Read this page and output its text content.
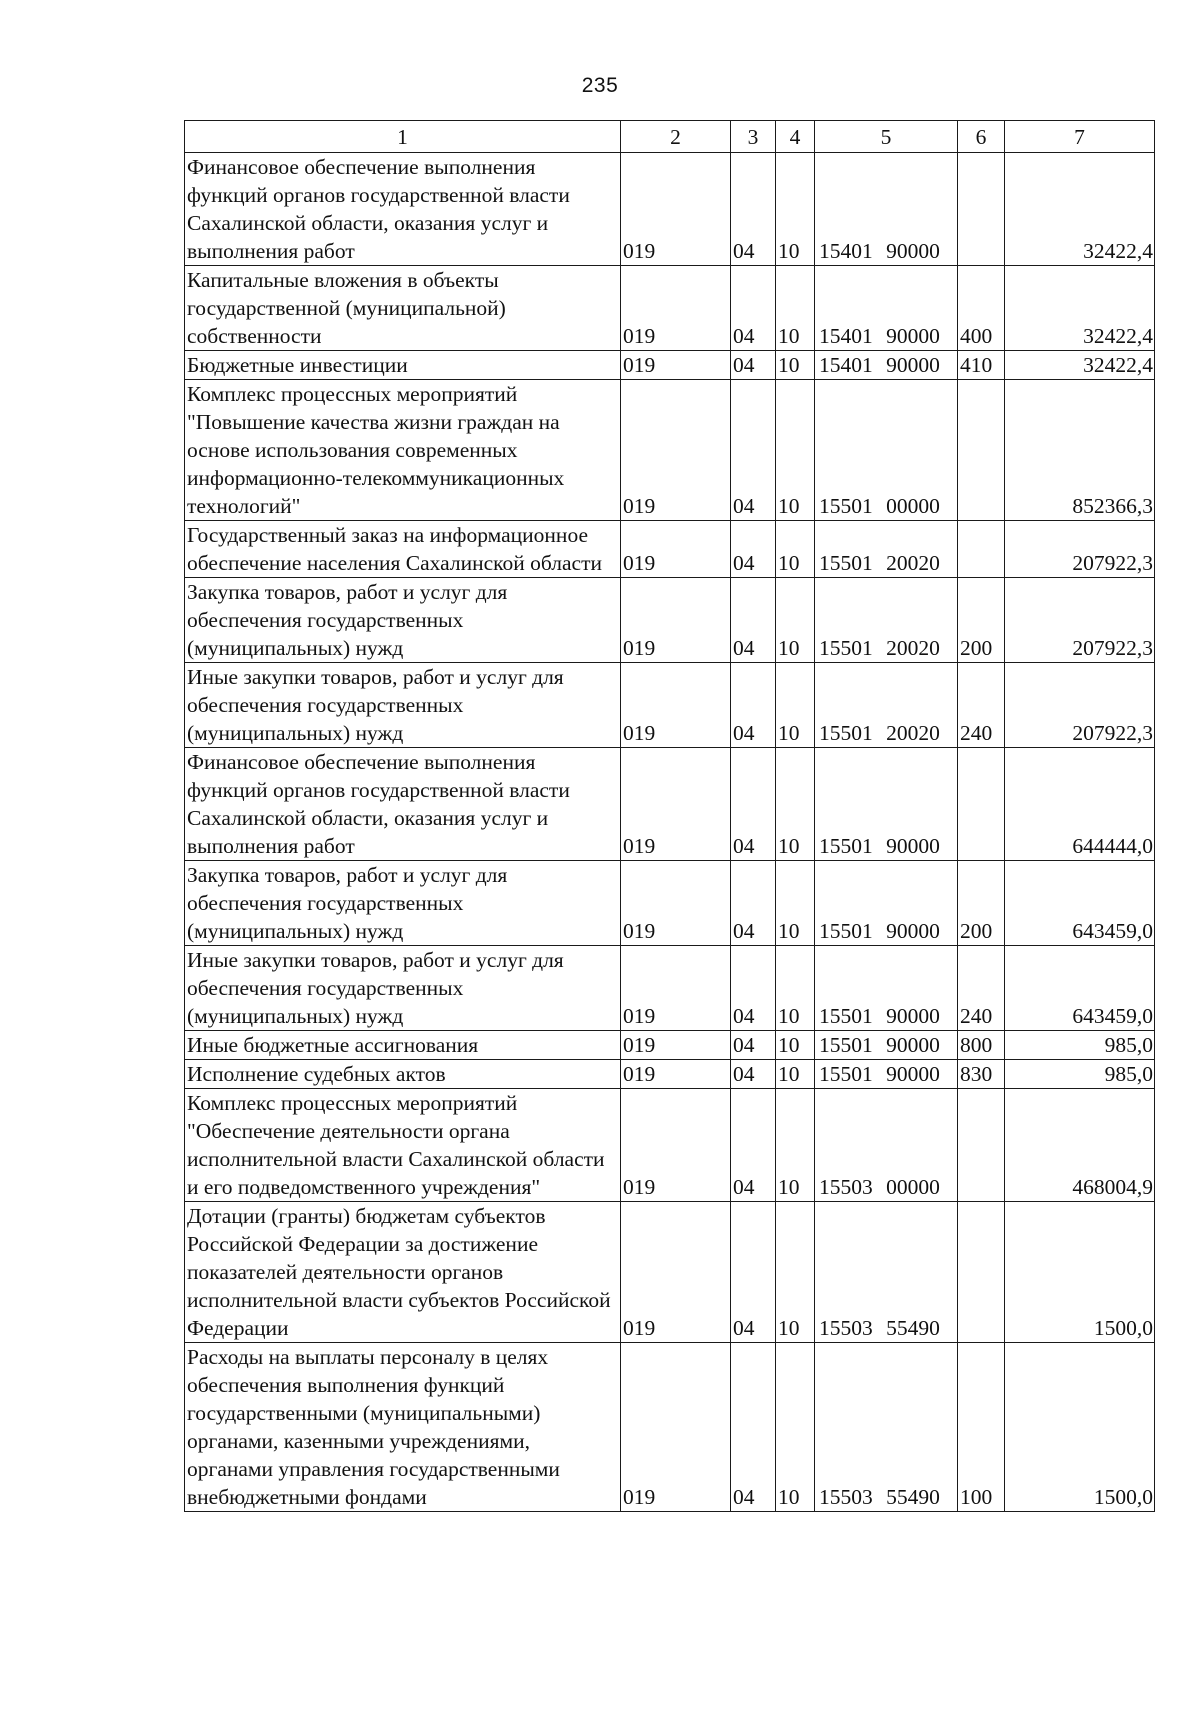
235
1	2	3	4	5	6	7
Финансовое обеспечение выполнения функций органов государственной власти Сахалинской области, оказания услуг и выполнения работ	019	04	10	15401 90000		32422,4
Капитальные вложения в объекты государственной (муниципальной) собственности	019	04	10	15401 90000	400	32422,4
Бюджетные инвестиции	019	04	10	15401 90000	410	32422,4
Комплекс процессных мероприятий "Повышение качества жизни граждан на основе использования современных информационно-телекоммуникационных технологий"	019	04	10	15501 00000		852366,3
Государственный заказ на информационное обеспечение населения Сахалинской области	019	04	10	15501 20020		207922,3
Закупка товаров, работ и услуг для обеспечения государственных (муниципальных) нужд	019	04	10	15501 20020	200	207922,3
Иные закупки товаров, работ и услуг для обеспечения государственных (муниципальных) нужд	019	04	10	15501 20020	240	207922,3
Финансовое обеспечение выполнения функций органов государственной власти Сахалинской области, оказания услуг и выполнения работ	019	04	10	15501 90000		644444,0
Закупка товаров, работ и услуг для обеспечения государственных (муниципальных) нужд	019	04	10	15501 90000	200	643459,0
Иные закупки товаров, работ и услуг для обеспечения государственных (муниципальных) нужд	019	04	10	15501 90000	240	643459,0
Иные бюджетные ассигнования	019	04	10	15501 90000	800	985,0
Исполнение судебных актов	019	04	10	15501 90000	830	985,0
Комплекс процессных мероприятий "Обеспечение деятельности органа исполнительной власти Сахалинской области и его подведомственного учреждения"	019	04	10	15503 00000		468004,9
Дотации (гранты) бюджетам субъектов Российской Федерации за достижение показателей деятельности органов исполнительной власти субъектов Российской Федерации	019	04	10	15503 55490		1500,0
Расходы на выплаты персоналу в целях обеспечения выполнения функций государственными (муниципальными) органами, казенными учреждениями, органами управления государственными внебюджетными фондами	019	04	10	15503 55490	100	1500,0
